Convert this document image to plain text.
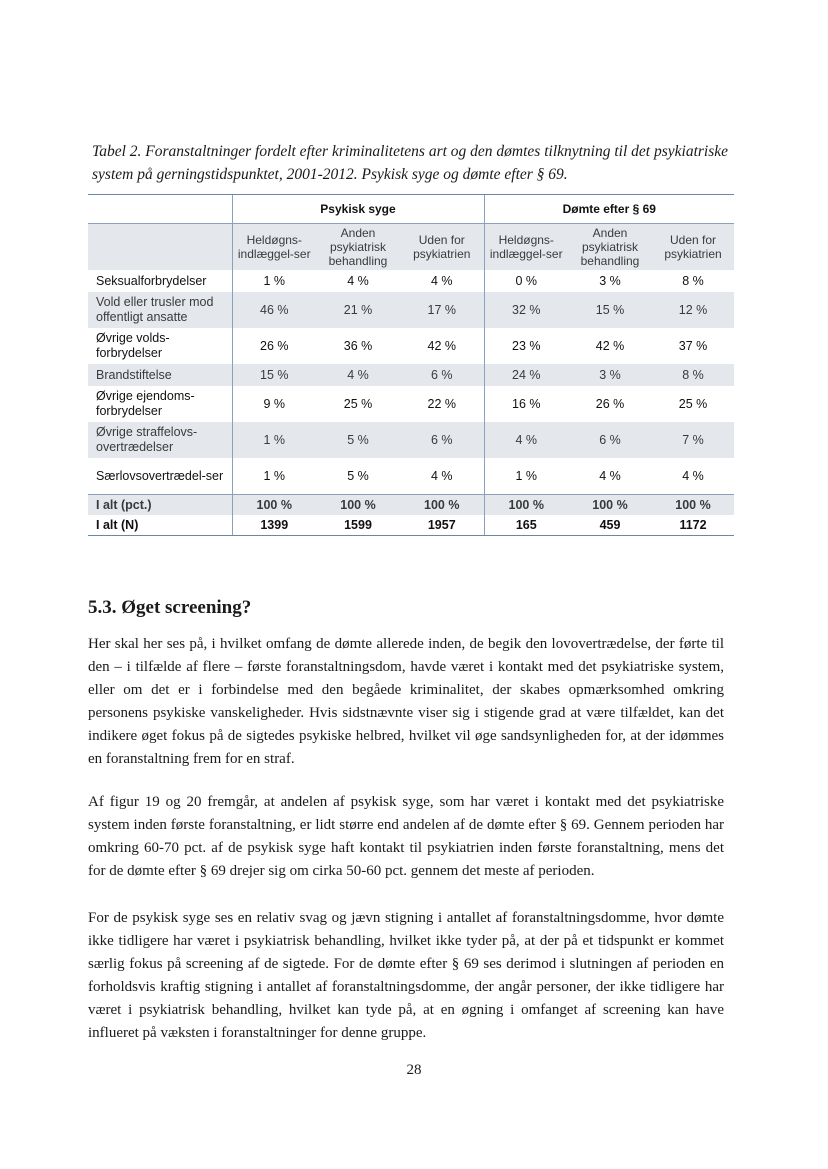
Tabel 2. Foranstaltninger fordelt efter kriminalitetens art og den dømtes tilknytning til det psykiatriske system på gerningstidspunktet, 2001-2012. Psykisk syge og dømte efter § 69.
	Psykisk syge			Dømte efter § 69		
	Heldøgns-indlæggel-ser	Anden psykiatrisk behandling	Uden for psykiatrien	Heldøgns-indlæggel-ser	Anden psykiatrisk behandling	Uden for psykiatrien
Seksualforbrydelser	1 %	4 %	4 %	0 %	3 %	8 %
Vold eller trusler mod offentligt ansatte	46 %	21 %	17 %	32 %	15 %	12 %
Øvrige volds-forbrydelser	26 %	36 %	42 %	23 %	42 %	37 %
Brandstiftelse	15 %	4 %	6 %	24 %	3 %	8 %
Øvrige ejendoms-forbrydelser	9 %	25 %	22 %	16 %	26 %	25 %
Øvrige straffelovs-overtrædelser	1 %	5 %	6 %	4 %	6 %	7 %
Særlovsovertrædel-ser	1 %	5 %	4 %	1 %	4 %	4 %
I alt (pct.)	100 %	100 %	100 %	100 %	100 %	100 %
I alt (N)	1399	1599	1957	165	459	1172
5.3. Øget screening?

Her skal her ses på, i hvilket omfang de dømte allerede inden, de begik den lovovertrædelse, der førte til den – i tilfælde af flere – første foranstaltningsdom, havde været i kontakt med det psykiatriske system, eller om det er i forbindelse med den begåede kriminalitet, der skabes opmærksomhed omkring personens psykiske vanskeligheder. Hvis sidstnævnte viser sig i stigende grad at være tilfældet, kan det indikere øget fokus på de sigtedes psykiske helbred, hvilket vil øge sandsynligheden for, at der idømmes en foranstaltning frem for en straf.

Af figur 19 og 20 fremgår, at andelen af psykisk syge, som har været i kontakt med det psykiatriske system inden første foranstaltning, er lidt større end andelen af de dømte efter § 69. Gennem perioden har omkring 60-70 pct. af de psykisk syge haft kontakt til psykiatrien inden første foranstaltning, mens det for de dømte efter § 69 drejer sig om cirka 50-60 pct. gennem det meste af perioden.

For de psykisk syge ses en relativ svag og jævn stigning i antallet af foranstaltningsdomme, hvor dømte ikke tidligere har været i psykiatrisk behandling, hvilket ikke tyder på, at der på et tidspunkt er kommet særlig fokus på screening af de sigtede. For de dømte efter § 69 ses derimod i slutningen af perioden en forholdsvis kraftig stigning i antallet af foranstaltningsdomme, der angår personer, der ikke tidligere har været i psykiatrisk behandling, hvilket kan tyde på, at en øgning i omfanget af screening kan have influeret på væksten i foranstaltninger for denne gruppe.

28
